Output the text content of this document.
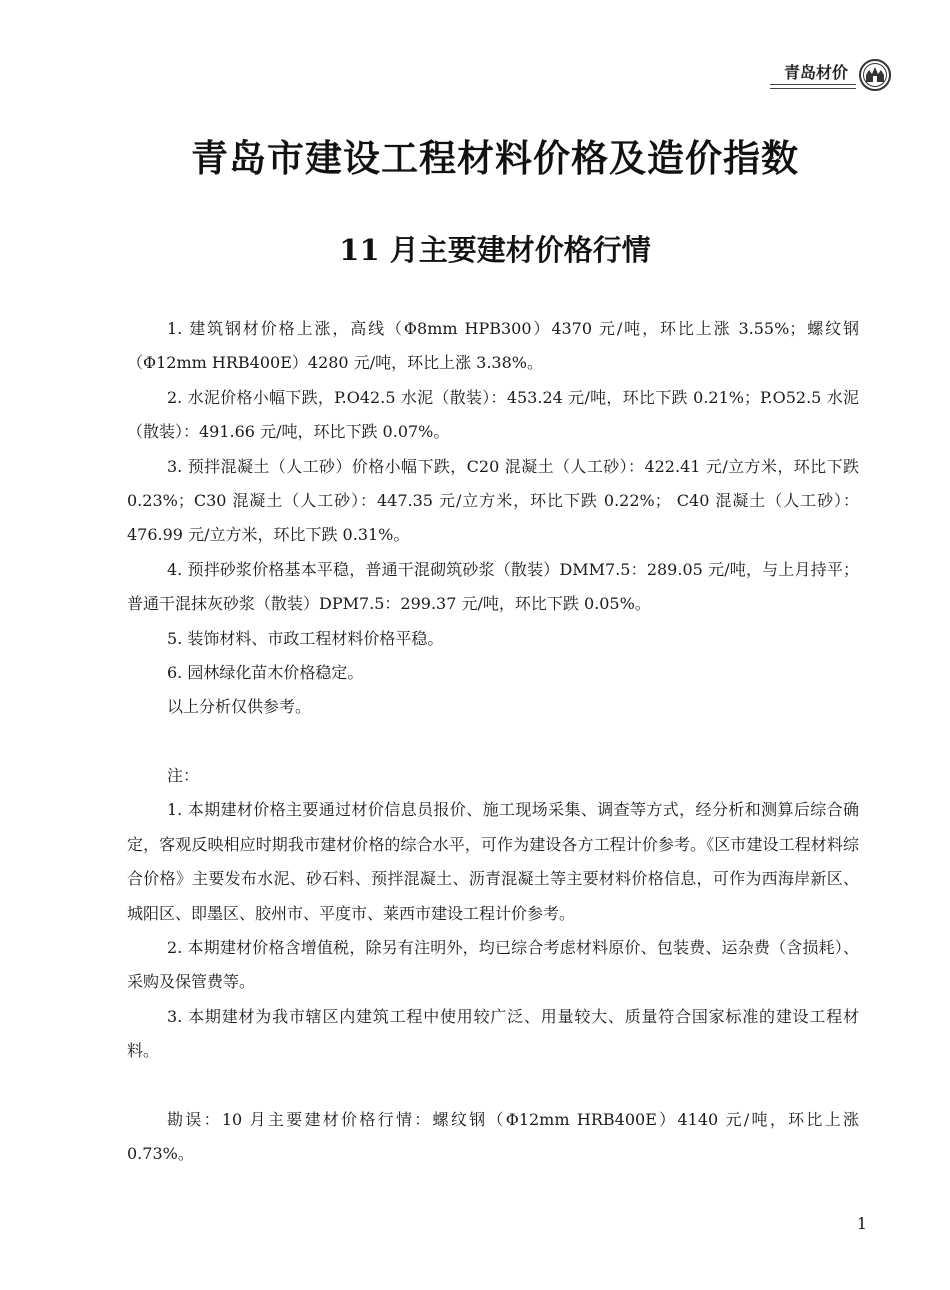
青岛材价
青岛市建设工程材料价格及造价指数
11 月主要建材价格行情

1. 建筑钢材价格上涨，高线（Φ8mm HPB300）4370 元/吨，环比上涨 3.55%；螺纹钢（Φ12mm HRB400E）4280 元/吨，环比上涨 3.38%。

2. 水泥价格小幅下跌，P.O42.5 水泥（散装）：453.24 元/吨，环比下跌 0.21%；P.O52.5 水泥（散装）：491.66 元/吨，环比下跌 0.07%。

3. 预拌混凝土（人工砂）价格小幅下跌，C20 混凝土（人工砂）：422.41 元/立方米，环比下跌 0.23%；C30 混凝土（人工砂）：447.35 元/立方米，环比下跌 0.22%； C40 混凝土（人工砂）：476.99 元/立方米，环比下跌 0.31%。

4. 预拌砂浆价格基本平稳，普通干混砌筑砂浆（散装）DMM7.5：289.05 元/吨，与上月持平；普通干混抹灰砂浆（散装）DPM7.5：299.37 元/吨，环比下跌 0.05%。

5. 装饰材料、市政工程材料价格平稳。

6. 园林绿化苗木价格稳定。

以上分析仅供参考。

注：

1. 本期建材价格主要通过材价信息员报价、施工现场采集、调查等方式，经分析和测算后综合确定，客观反映相应时期我市建材价格的综合水平，可作为建设各方工程计价参考。《区市建设工程材料综合价格》主要发布水泥、砂石料、预拌混凝土、沥青混凝土等主要材料价格信息，可作为西海岸新区、城阳区、即墨区、胶州市、平度市、莱西市建设工程计价参考。

2. 本期建材价格含增值税，除另有注明外，均已综合考虑材料原价、包装费、运杂费（含损耗）、采购及保管费等。

3. 本期建材为我市辖区内建筑工程中使用较广泛、用量较大、质量符合国家标准的建设工程材料。

勘误：10 月主要建材价格行情：螺纹钢（Φ12mm HRB400E）4140 元/吨，环比上涨 0.73%。

1
